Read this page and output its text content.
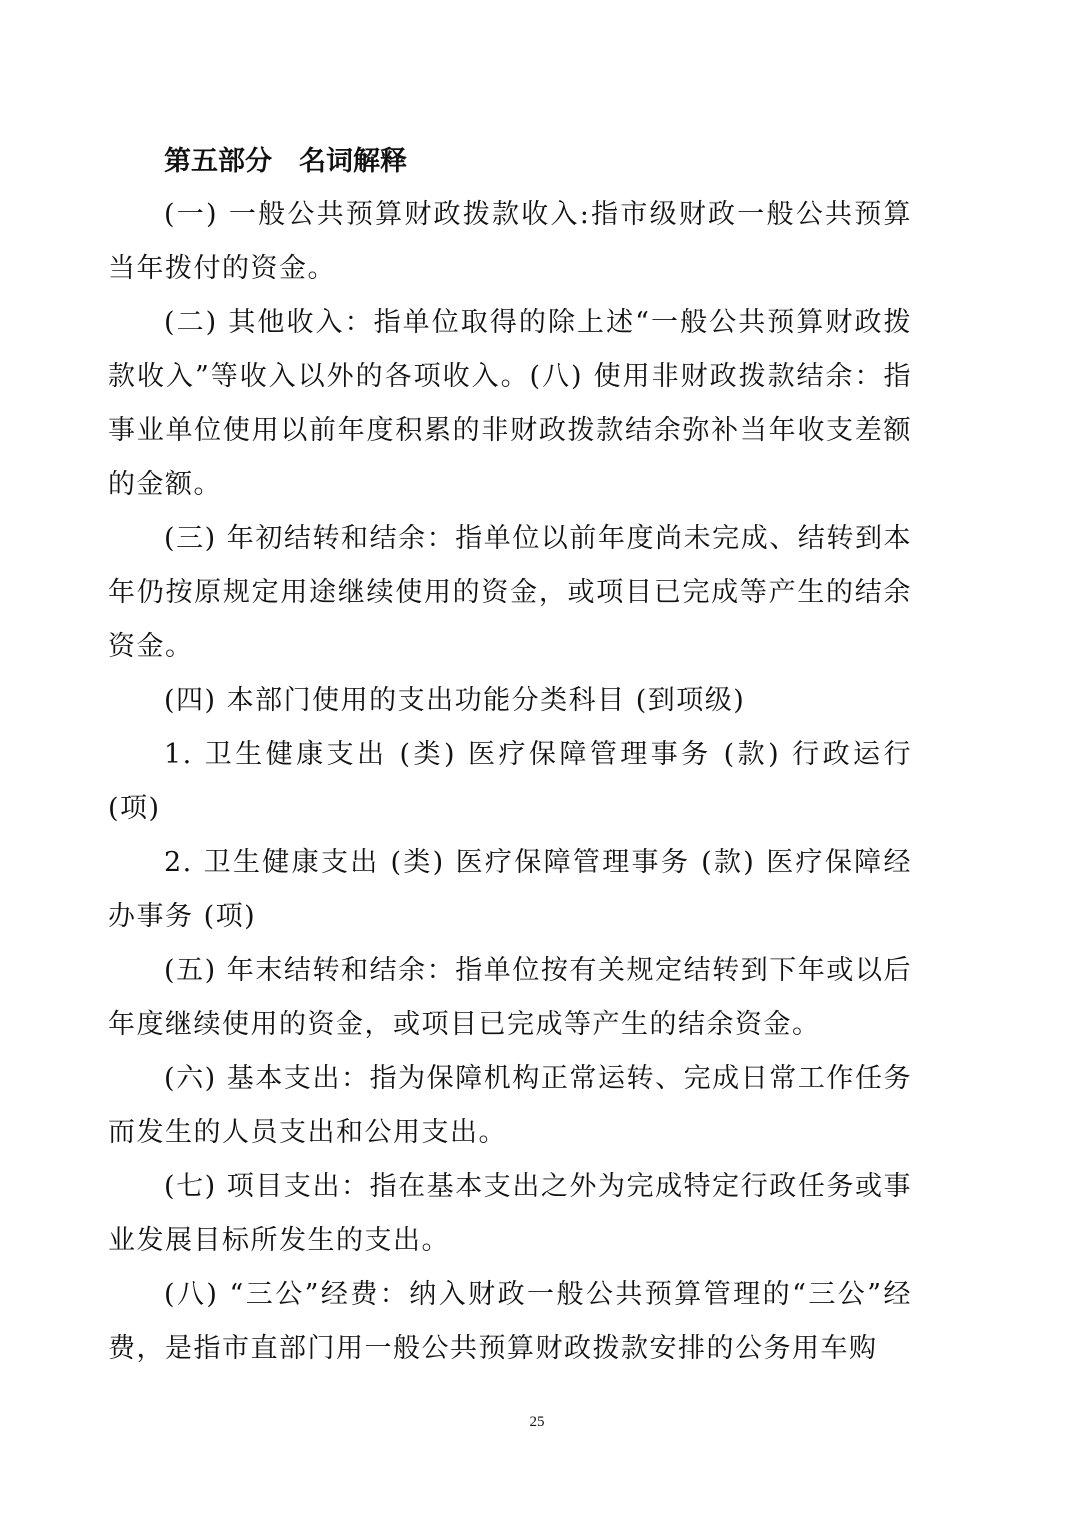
第五部分　名词解释

(一) 一般公共预算财政拨款收入:指市级财政一般公共预算当年拨付的资金。

(二) 其他收入：指单位取得的除上述“一般公共预算财政拨款收入”等收入以外的各项收入。(八) 使用非财政拨款结余：指事业单位使用以前年度积累的非财政拨款结余弥补当年收支差额的金额。

(三) 年初结转和结余：指单位以前年度尚未完成、结转到本年仍按原规定用途继续使用的资金，或项目已完成等产生的结余资金。

(四) 本部门使用的支出功能分类科目 (到项级)

1. 卫生健康支出 (类) 医疗保障管理事务 (款) 行政运行 (项)

2. 卫生健康支出 (类) 医疗保障管理事务 (款) 医疗保障经办事务 (项)

(五) 年末结转和结余：指单位按有关规定结转到下年或以后年度继续使用的资金，或项目已完成等产生的结余资金。

(六) 基本支出：指为保障机构正常运转、完成日常工作任务而发生的人员支出和公用支出。

(七) 项目支出：指在基本支出之外为完成特定行政任务或事业发展目标所发生的支出。

(八) “三公”经费：纳入财政一般公共预算管理的“三公”经费，是指市直部门用一般公共预算财政拨款安排的公务用车购

25
